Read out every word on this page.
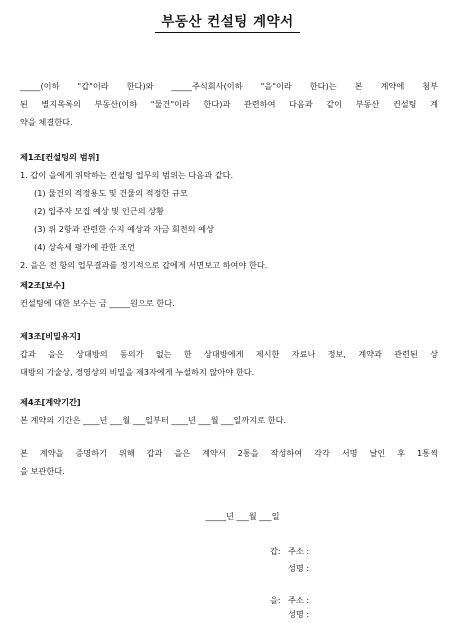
부동산 컨설팅 계약서
_____(이하 "갑"이라 한다)와 _____주식회사(이하 "을"이라 한다)는 본 계약에 첨부
된 별지목록의 부동산(이하 "물건"이라 한다)과 관련하여 다음과 같이 부동산 컨설팅 계
약을 체결한다.
제1조[컨설팅의 범위]
1. 갑이 을에게 위탁하는 컨설팅 업무의 범위는 다음과 같다.
(1) 물건의 적정용도 및 건물의 적정한 규모
(2) 입주자 모집 예상 및 인근의 상황
(3) 위 2항과 관련한 수지 예상과 자금 회전의 예상
(4) 상속세 평가에 관한 조언
2. 을은 전 항의 업무결과를 정기적으로 갑에게 서면보고 하여야 한다.
제2조[보수]
컨설팅에 대한 보수는 금 _____원으로 한다.
제3조[비밀유지]
갑과 을은 상대방의 동의가 없는 한 상대방에게 제시한 자료나 정보, 계약과 관련된 상
대방의 기술상, 경영상의 비밀을 제3자에게 누설하지 않아야 한다.
제4조[계약기간]
본 계약의 기간은 ____년 ___월 ___일부터 ____년 ___월 ___일까지로 한다.
본 계약을 증명하기 위해 갑과 을은 계약서 2통을 작성하여 각각 서명 날인 후 1통씩
을 보관한다.
_____년 ___월 ___일
갑: 주소 :
성명 :
을: 주소 :
성명 :
